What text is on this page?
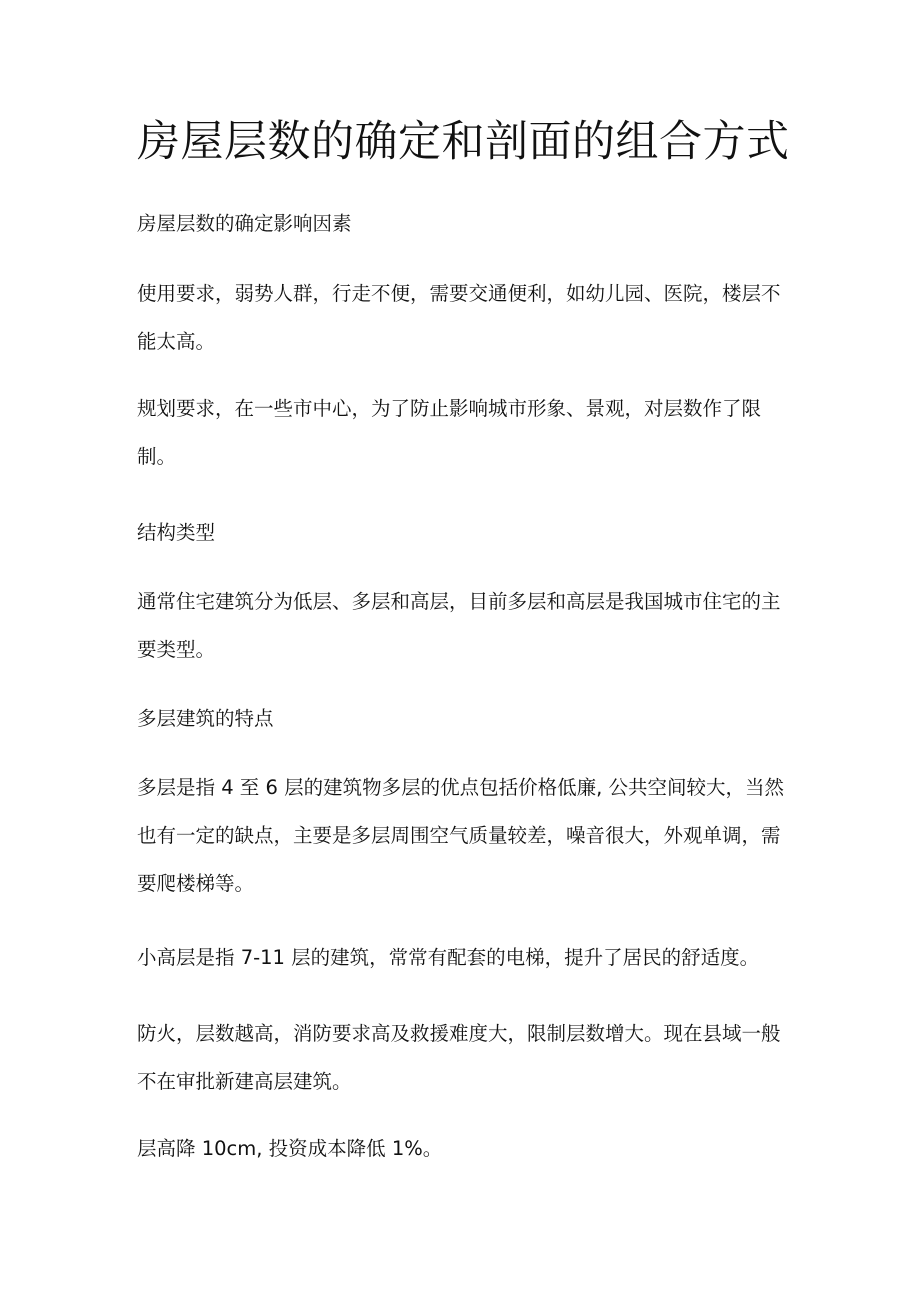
房屋层数的确定和剖面的组合方式

房屋层数的确定影响因素

使用要求，弱势人群，行走不便，需要交通便利，如幼儿园、医院，楼层不能太高。

规划要求，在一些市中心，为了防止影响城市形象、景观，对层数作了限制。

结构类型

通常住宅建筑分为低层、多层和高层，目前多层和高层是我国城市住宅的主要类型。

多层建筑的特点

多层是指 4 至 6 层的建筑物多层的优点包括价格低廉, 公共空间较大，当然也有一定的缺点，主要是多层周围空气质量较差，噪音很大，外观单调，需要爬楼梯等。

小高层是指 7-11 层的建筑，常常有配套的电梯，提升了居民的舒适度。

防火，层数越高，消防要求高及救援难度大，限制层数增大。现在县域一般不在审批新建高层建筑。

层高降 10cm, 投资成本降低 1%。
